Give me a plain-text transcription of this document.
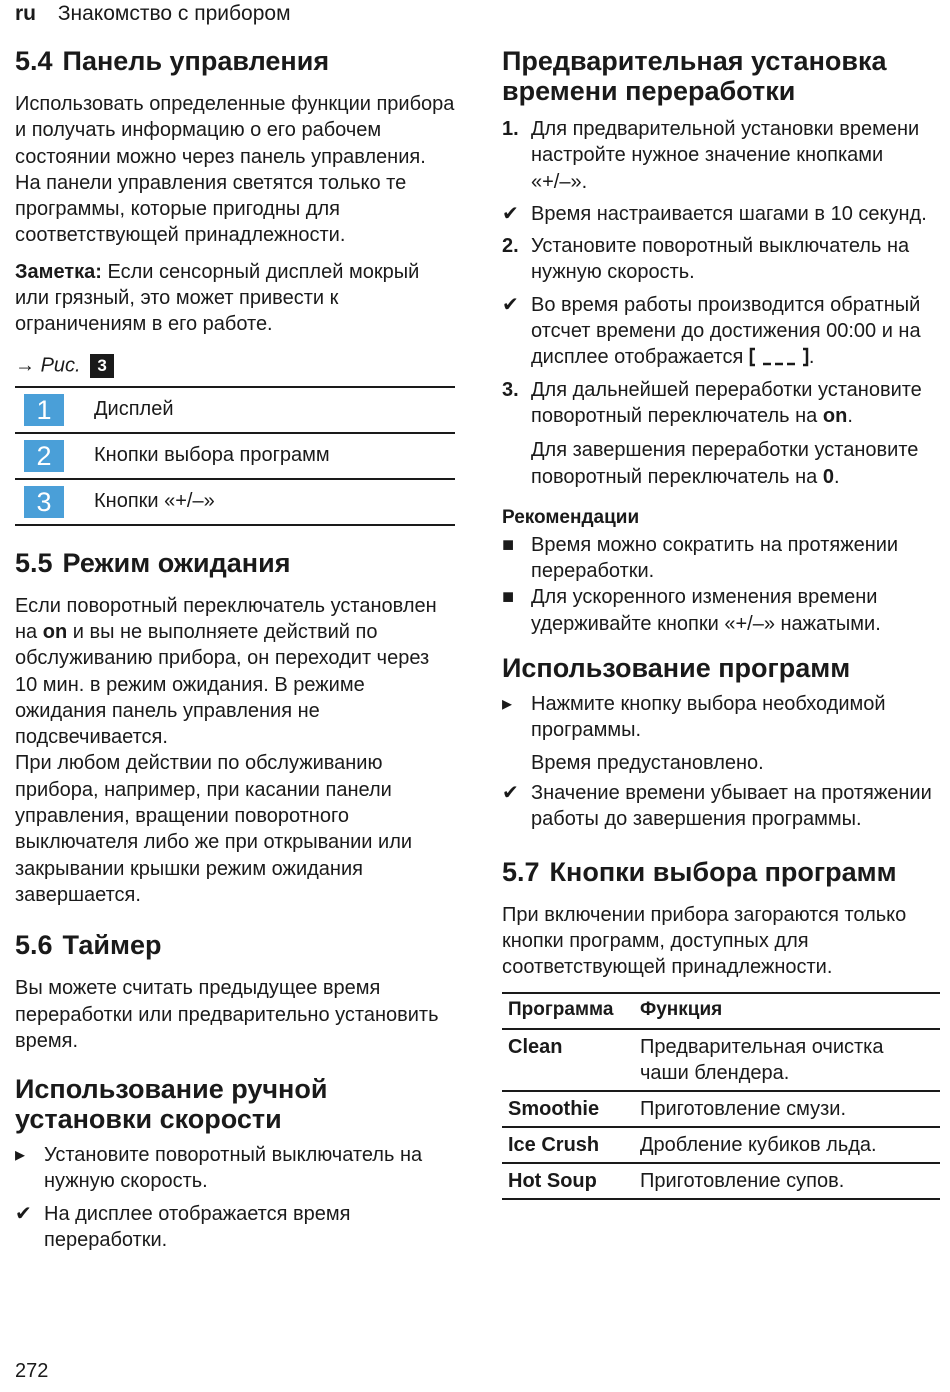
ru Знакомство с прибором
5.4 Панель управления

Использовать определенные функции прибора и получать информацию о его рабочем состоянии можно через панель управления. На панели управления светятся только те программы, которые пригодны для соответствующей принадлежности.

Заметка: Если сенсорный дисплей мокрый или грязный, это может привести к ограничениям в его работе.

→ Рис. 3
1	Дисплей
2	Кнопки выбора программ
3	Кнопки «+/–»
5.5 Режим ожидания

Если поворотный переключатель установлен на on и вы не выполняете действий по обслуживанию прибора, он переходит через 10 мин. в режим ожидания. В режиме ожидания панель управления не подсвечивается.

При любом действии по обслуживанию прибора, например, при касании панели управления, вращении поворотного выключателя либо же при открывании или закрывании крышки режим ожидания завершается.

5.6 Таймер

Вы можете считать предыдущее время переработки или предварительно установить время.

Использование ручной установки скорости
▸ Установите поворотный выключатель на нужную скорость.
✔ На дисплее отображается время переработки.
Предварительная установка времени переработки
1. Для предварительной установки времени настройте нужное значение кнопками «+/–».
✔ Время настраивается шагами в 10 секунд.
2. Установите поворотный выключатель на нужную скорость.
✔ Во время работы производится обратный отсчет времени до достижения 00:00 и на дисплее отображается	.
3. Для дальнейшей переработки установите поворотный переключатель на on.

Для завершения переработки установите поворотный переключатель на 0.

Рекомендации
■ Время можно сократить на протяжении переработки.
■ Для ускоренного изменения времени удерживайте кнопки «+/–» нажатыми.
Использование программ
▸ Нажмите кнопку выбора необходимой программы.

Время предустановлено.

✔ Значение времени убывает на протяжении работы до завершения программы.
5.7 Кнопки выбора программ

При включении прибора загораются только кнопки программ, доступных для соответствующей принадлежности.

Программа	Функция
Clean	Предварительная очистка чаши блендера.
Smoothie	Приготовление смузи.
Ice Crush	Дробление кубиков льда.
Hot Soup	Приготовление супов.
272
